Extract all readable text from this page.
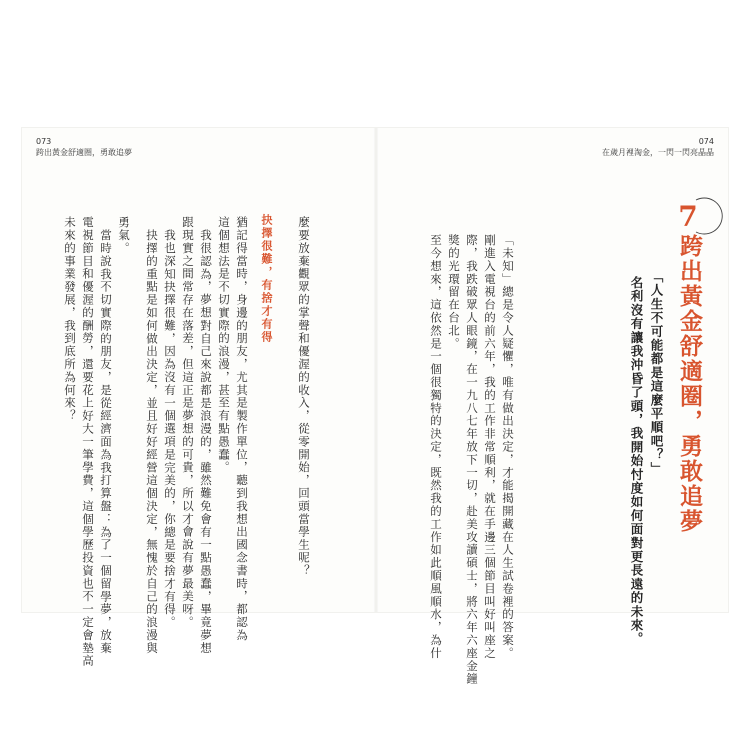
073
跨出黃金舒適圈，勇敢追夢
074
在歲月裡淘金，一閃一閃亮晶晶
7
跨出黃金舒適圈，勇敢追夢
「人生不可能都是這麼平順吧？」
名利沒有讓我沖昏了頭，我開始忖度如何面對更長遠的未來。
「未知」總是令人疑懼，唯有做出決定，才能揭開藏在人生試卷裡的答案。
剛進入電視台的前六年，我的工作非常順利，就在手邊三個節目叫好叫座之
際，我跌破眾人眼鏡，在一九八七年放下一切，赴美攻讀碩士，將六年六座金鐘
獎的光環留在台北。
至今想來，這依然是一個很獨特的決定，既然我的工作如此順風順水，為什
抉擇很難，有捨才有得 麼要放棄觀眾的掌聲和優渥的收入，從零開始，回頭當學生呢？
猶記得當時，身邊的朋友，尤其是製作單位，聽到我想出國念書時，都認為
這個想法是不切實際的浪漫，甚至有點愚蠢。
我很認為，夢想對自己來說都是浪漫的，雖然難免會有一點愚蠢，畢竟夢想
跟現實之間常存在落差，但這正是夢想的可貴，所以才會說有夢最美呀。
我也深知抉擇很難，因為沒有一個選項是完美的，你總是要捨才有得。
抉擇的重點是如何做出決定，並且好好經營這個決定，無愧於自己的浪漫與
勇氣。
當時說我不切實際的朋友，是從經濟面為我打算盤：為了一個留學夢，放棄
電視節目和優渥的酬勞，還要花上好大一筆學費，這個學歷投資也不一定會墊高
未來的事業發展，我到底所為何來？
